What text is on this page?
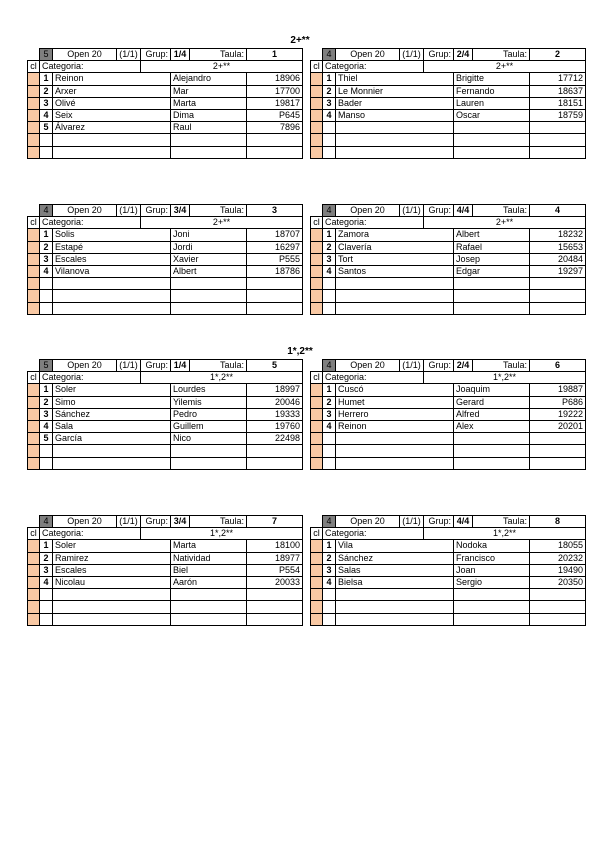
2+**
1*,2**
	5	Open 20	(1/1)	Grup:	1/4	Taula:	1
cl	Categoria:			2+**			
	1	Reinon			Alejandro		18906
	2	Arxer			Mar		17700
	3	Olivé			Marta		19817
	4	Seix			Dima		P645
	5	Álvarez			Raul		7896

	4	Open 20	(1/1)	Grup:	2/4	Taula:	2
cl	Categoria:			2+**			
	1	Thiel			Brigitte		17712
	2	Le Monnier			Fernando		18637
	3	Bader			Lauren		18151
	4	Manso			Oscar		18759

	4	Open 20	(1/1)	Grup:	3/4	Taula:	3
cl	Categoria:			2+**			
	1	Solis			Joni		18707
	2	Estapé			Jordi		16297
	3	Escales			Xavier		P555
	4	Vilanova			Albert		18786

	4	Open 20	(1/1)	Grup:	4/4	Taula:	4
cl	Categoria:			2+**			
	1	Zamora			Albert		18232
	2	Clavería			Rafael		15653
	3	Tort			Josep		20484
	4	Santos			Edgar		19297

	5	Open 20	(1/1)	Grup:	1/4	Taula:	5
cl	Categoria:			1*,2**			
	1	Soler			Lourdes		18997
	2	Simo			Yilemis		20046
	3	Sánchez			Pedro		19333
	4	Sala			Guillem		19760
	5	García			Nico		22498

	4	Open 20	(1/1)	Grup:	2/4	Taula:	6
cl	Categoria:			1*,2**			
	1	Cuscó			Joaquim		19887
	2	Humet			Gerard		P686
	3	Herrero			Alfred		19222
	4	Reinon			Alex		20201

	4	Open 20	(1/1)	Grup:	3/4	Taula:	7
cl	Categoria:			1*,2**			
	1	Soler			Marta		18100
	2	Ramirez			Natividad		18977
	3	Escales			Biel		P554
	4	Nicolau			Aarón		20033

	4	Open 20	(1/1)	Grup:	4/4	Taula:	8
cl	Categoria:			1*,2**			
	1	Vila			Nodoka		18055
	2	Sánchez			Francisco		20232
	3	Salas			Joan		19490
	4	Bielsa			Sergio		20350
